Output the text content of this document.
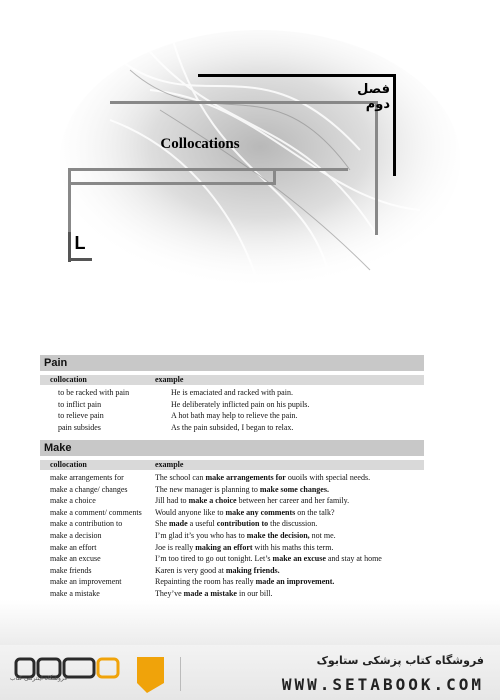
فصل دوم
Collocations
L
Pain
collocation	example
to be racked with pain	He is emaciated and racked with pain.
to inflict pain	He deliberately inflicted pain on his pupils.
to relieve pain	A hot bath may help to relieve the pain.
pain subsides	As the pain subsided, I began to relax.
Make
collocation	example
make arrangements for	The school can make arrangements for ouoils with special needs.
make a change/ changes	The new manager is planning to make some changes.
make a choice	Jill had to make a choice between her career and her family.
make a comment/ comments	Would anyone like to make any comments on the talk?
make a contribution to	She made a useful contribution to the discussion.
make a decision	I’m glad it’s you who has to make the decision, not me.
make an effort	Joe is really making an effort with his maths this term.
make an excuse	I’m too tired to go out tonight. Let’s make an excuse and stay at home
make friends	Karen is very good at making friends.
make an improvement	Repainting the room has really made an improvement.
make a mistake	They’ve made a mistake in our bill.
فروشگاه اینترنتی کتاب
فروشگاه کتاب پزشکی ستابوک
WWW.SETABOOK.COM
